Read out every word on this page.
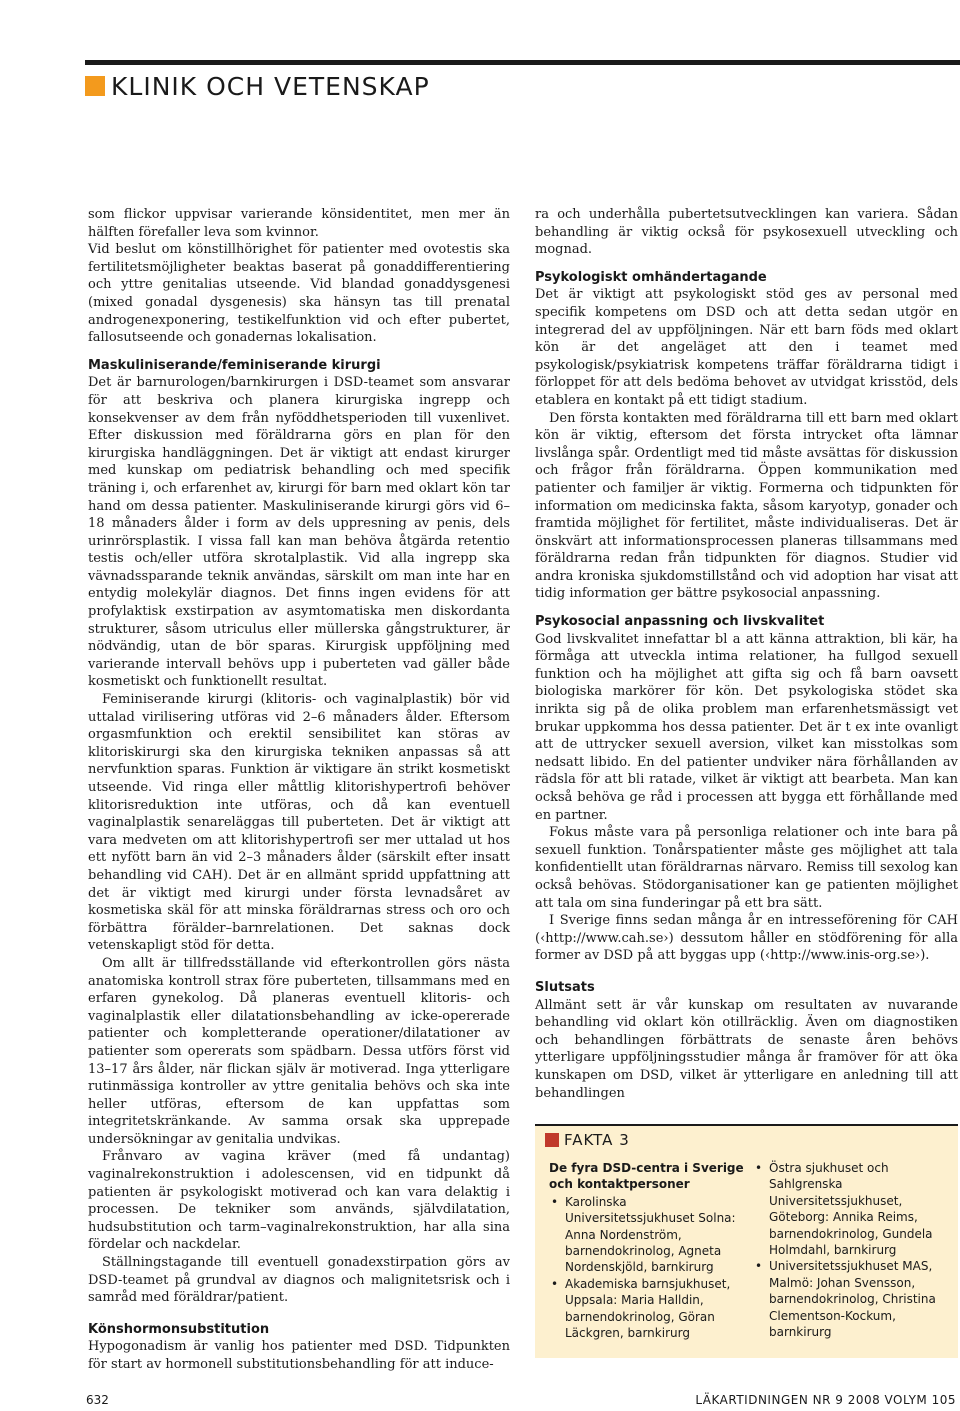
KLINIK OCH VETENSKAP

som flickor uppvisar varierande könsidentitet, men mer än hälften förefaller leva som kvinnor.

Vid beslut om könstillhörighet för patienter med ovotestis ska fertilitetsmöjligheter beaktas baserat på gonaddifferentiering och yttre genitalias utseende. Vid blandad gonaddysgenesi (mixed gonadal dysgenesis) ska hänsyn tas till prenatal androgenexponering, testikelfunktion vid och efter pubertet, fallosutseende och gonadernas lokalisation.

Maskuliniserande/feminiserande kirurgi

Det är barnurologen/barnkirurgen i DSD-teamet som ansvarar för att beskriva och planera kirurgiska ingrepp och konsekvenser av dem från nyföddhetsperioden till vuxenlivet. Efter diskussion med föräldrarna görs en plan för den kirurgiska handläggningen. Det är viktigt att endast kirurger med kunskap om pediatrisk behandling och med specifik träning i, och erfarenhet av, kirurgi för barn med oklart kön tar hand om dessa patienter. Maskuliniserande kirurgi görs vid 6–18 månaders ålder i form av dels uppresning av penis, dels urinrörsplastik. I vissa fall kan man behöva åtgärda retentio testis och/eller utföra skrotalplastik. Vid alla ingrepp ska vävnadssparande teknik användas, särskilt om man inte har en entydig molekylär diagnos. Det finns ingen evidens för att profylaktisk exstirpation av asymtomatiska men diskordanta strukturer, såsom utriculus eller müllerska gångstrukturer, är nödvändig, utan de bör sparas. Kirurgisk uppföljning med varierande intervall behövs upp i puberteten vad gäller både kosmetiskt och funktionellt resultat.

Feminiserande kirurgi (klitoris- och vaginalplastik) bör vid uttalad virilisering utföras vid 2–6 månaders ålder. Eftersom orgasmfunktion och erektil sensibilitet kan störas av klitoriskirurgi ska den kirurgiska tekniken anpassas så att nervfunktion sparas. Funktion är viktigare än strikt kosmetiskt utseende. Vid ringa eller måttlig klitorishypertrofi behöver klitorisreduktion inte utföras, och då kan eventuell vaginalplastik senareläggas till puberteten. Det är viktigt att vara medveten om att klitorishypertrofi ser mer uttalad ut hos ett nyfött barn än vid 2–3 månaders ålder (särskilt efter insatt behandling vid CAH). Det är en allmänt spridd uppfattning att det är viktigt med kirurgi under första levnadsåret av kosmetiska skäl för att minska föräldrarnas stress och oro och förbättra förälder–barnrelationen. Det saknas dock vetenskapligt stöd för detta.

Om allt är tillfredsställande vid efterkontrollen görs nästa anatomiska kontroll strax före puberteten, tillsammans med en erfaren gynekolog. Då planeras eventuell klitoris- och vaginalplastik eller dilatationsbehandling av icke-opererade patienter och kompletterande operationer/dilatationer av patienter som opererats som spädbarn. Dessa utförs först vid 13–17 års ålder, när flickan själv är motiverad. Inga ytterligare rutinmässiga kontroller av yttre genitalia behövs och ska inte heller utföras, eftersom de kan uppfattas som integritetskränkande. Av samma orsak ska upprepade undersökningar av genitalia undvikas.

Frånvaro av vagina kräver (med få undantag) vaginalrekonstruktion i adolescensen, vid en tidpunkt då patienten är psykologiskt motiverad och kan vara delaktig i processen. De tekniker som används, självdilatation, hudsubstitution och tarm–vaginalrekonstruktion, har alla sina fördelar och nackdelar.

Ställningstagande till eventuell gonadexstirpation görs av DSD-teamet på grundval av diagnos och malignitetsrisk och i samråd med föräldrar/patient.

Könshormonsubstitution

Hypogonadism är vanlig hos patienter med DSD. Tidpunkten för start av hormonell substitutionsbehandling för att induce-

ra och underhålla pubertetsutvecklingen kan variera. Sådan behandling är viktig också för psykosexuell utveckling och mognad.

Psykologiskt omhändertagande

Det är viktigt att psykologiskt stöd ges av personal med specifik kompetens om DSD och att detta sedan utgör en integrerad del av uppföljningen. När ett barn föds med oklart kön är det angeläget att den i teamet med psykologisk/psykiatrisk kompetens träffar föräldrarna tidigt i förloppet för att dels bedöma behovet av utvidgat krisstöd, dels etablera en kontakt på ett tidigt stadium.

Den första kontakten med föräldrarna till ett barn med oklart kön är viktig, eftersom det första intrycket ofta lämnar livslånga spår. Ordentligt med tid måste avsättas för diskussion och frågor från föräldrarna. Öppen kommunikation med patienter och familjer är viktig. Formerna och tidpunkten för information om medicinska fakta, såsom karyotyp, gonader och framtida möjlighet för fertilitet, måste individualiseras. Det är önskvärt att informationsprocessen planeras tillsammans med föräldrarna redan från tidpunkten för diagnos. Studier vid andra kroniska sjukdomstillstånd och vid adoption har visat att tidig information ger bättre psykosocial anpassning.

Psykosocial anpassning och livskvalitet

God livskvalitet innefattar bl a att känna attraktion, bli kär, ha förmåga att utveckla intima relationer, ha fullgod sexuell funktion och ha möjlighet att gifta sig och få barn oavsett biologiska markörer för kön. Det psykologiska stödet ska inrikta sig på de olika problem man erfarenhetsmässigt vet brukar uppkomma hos dessa patienter. Det är t ex inte ovanligt att de uttrycker sexuell aversion, vilket kan misstolkas som nedsatt libido. En del patienter undviker nära förhållanden av rädsla för att bli ratade, vilket är viktigt att bearbeta. Man kan också behöva ge råd i processen att bygga ett förhållande med en partner.

Fokus måste vara på personliga relationer och inte bara på sexuell funktion. Tonårspatienter måste ges möjlighet att tala konfidentiellt utan föräldrarnas närvaro. Remiss till sexolog kan också behövas. Stödorganisationer kan ge patienten möjlighet att tala om sina funderingar på ett bra sätt.

I Sverige finns sedan många år en intresseförening för CAH (‹http://www.cah.se›) dessutom håller en stödförening för alla former av DSD på att byggas upp (‹http://www.inis-org.se›).

Slutsats

Allmänt sett är vår kunskap om resultaten av nuvarande behandling vid oklart kön otillräcklig. Även om diagnostiken och behandlingen förbättrats de senaste åren behövs ytterligare uppföljningsstudier många år framöver för att öka kunskapen om DSD, vilket är ytterligare en anledning till att behandlingen

FAKTA 3
De fyra DSD-centra i Sverige och kontaktpersoner
• Karolinska Universitetssjukhuset Solna: Anna Nordenström, barnendokrinolog, Agneta Nordenskjöld, barnkirurg
• Akademiska barnsjukhuset, Uppsala: Maria Halldin, barnendokrinolog, Göran Läckgren, barnkirurg
• Östra sjukhuset och Sahlgrenska Universitetssjukhuset, Göteborg: Annika Reims, barnendokrinolog, Gundela Holmdahl, barnkirurg
• Universitetssjukhuset MAS, Malmö: Johan Svensson, barnendokrinolog, Christina Clementson-Kockum, barnkirurg
632	LÄKARTIDNINGEN NR 9 2008 VOLYM 105
